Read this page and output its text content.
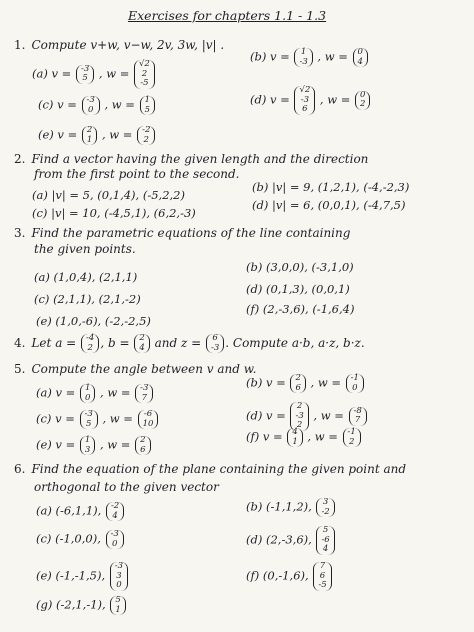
Exercises for chapters 1.1 - 1.3
1. Compute v+w, v−w, 2v, 3w, |v| .
(a) v = -3
5 , w =
√2
2
-5
(b) v = 1
-3 , w = 0
4
(c) v = -3
0 , w = 1
5
(d) v =
√2
-3
6
, w = 0
2
(e) v = 2
1 , w = -2
2
2. Find a vector having the given length and the direction
from the first point to the second.
(a) |v| = 5, (0,1,4), (-5,2,2)
(b) |v| = 9, (1,2,1), (-4,-2,3)
(c) |v| = 10, (-4,5,1), (6,2,-3)
(d) |v| = 6, (0,0,1), (-4,7,5)
3. Find the parametric equations of the line containing
the given points.
(a) (1,0,4), (2,1,1)
(b) (3,0,0), (-3,1,0)
(c) (2,1,1), (2,1,-2)
(d) (0,1,3), (0,0,1)
(e) (1,0,-6), (-2,-2,5)
(f) (2,-3,6), (-1,6,4)
4. Let a = -4
2 , b = 2
4 and z = 6
-3 . Compute a·b, a·z, b·z.
5. Compute the angle between v and w.
(a) v = 1
0 , w = -3
7
(b) v = 2
6 , w = -1
0
(c) v = -3
5 , w = -6
10
(d) v =
2
-3
2
, w = -8
7
(e) v = 1
3 , w = 2
6
(f) v = 4
1 , w = -1
2
6. Find the equation of the plane containing the given point and
orthogonal to the given vector
(a) (-6,1,1), -2
4
(b) (-1,1,2), 3
-2
(c) (-1,0,0), -3
0	(d) (2,-3,6),
5
-6
4
(e) (-1,-1,5),
-3
3
0
(f) (0,-1,6),
7
6
-5
(g) (-2,1,-1), 5
1
